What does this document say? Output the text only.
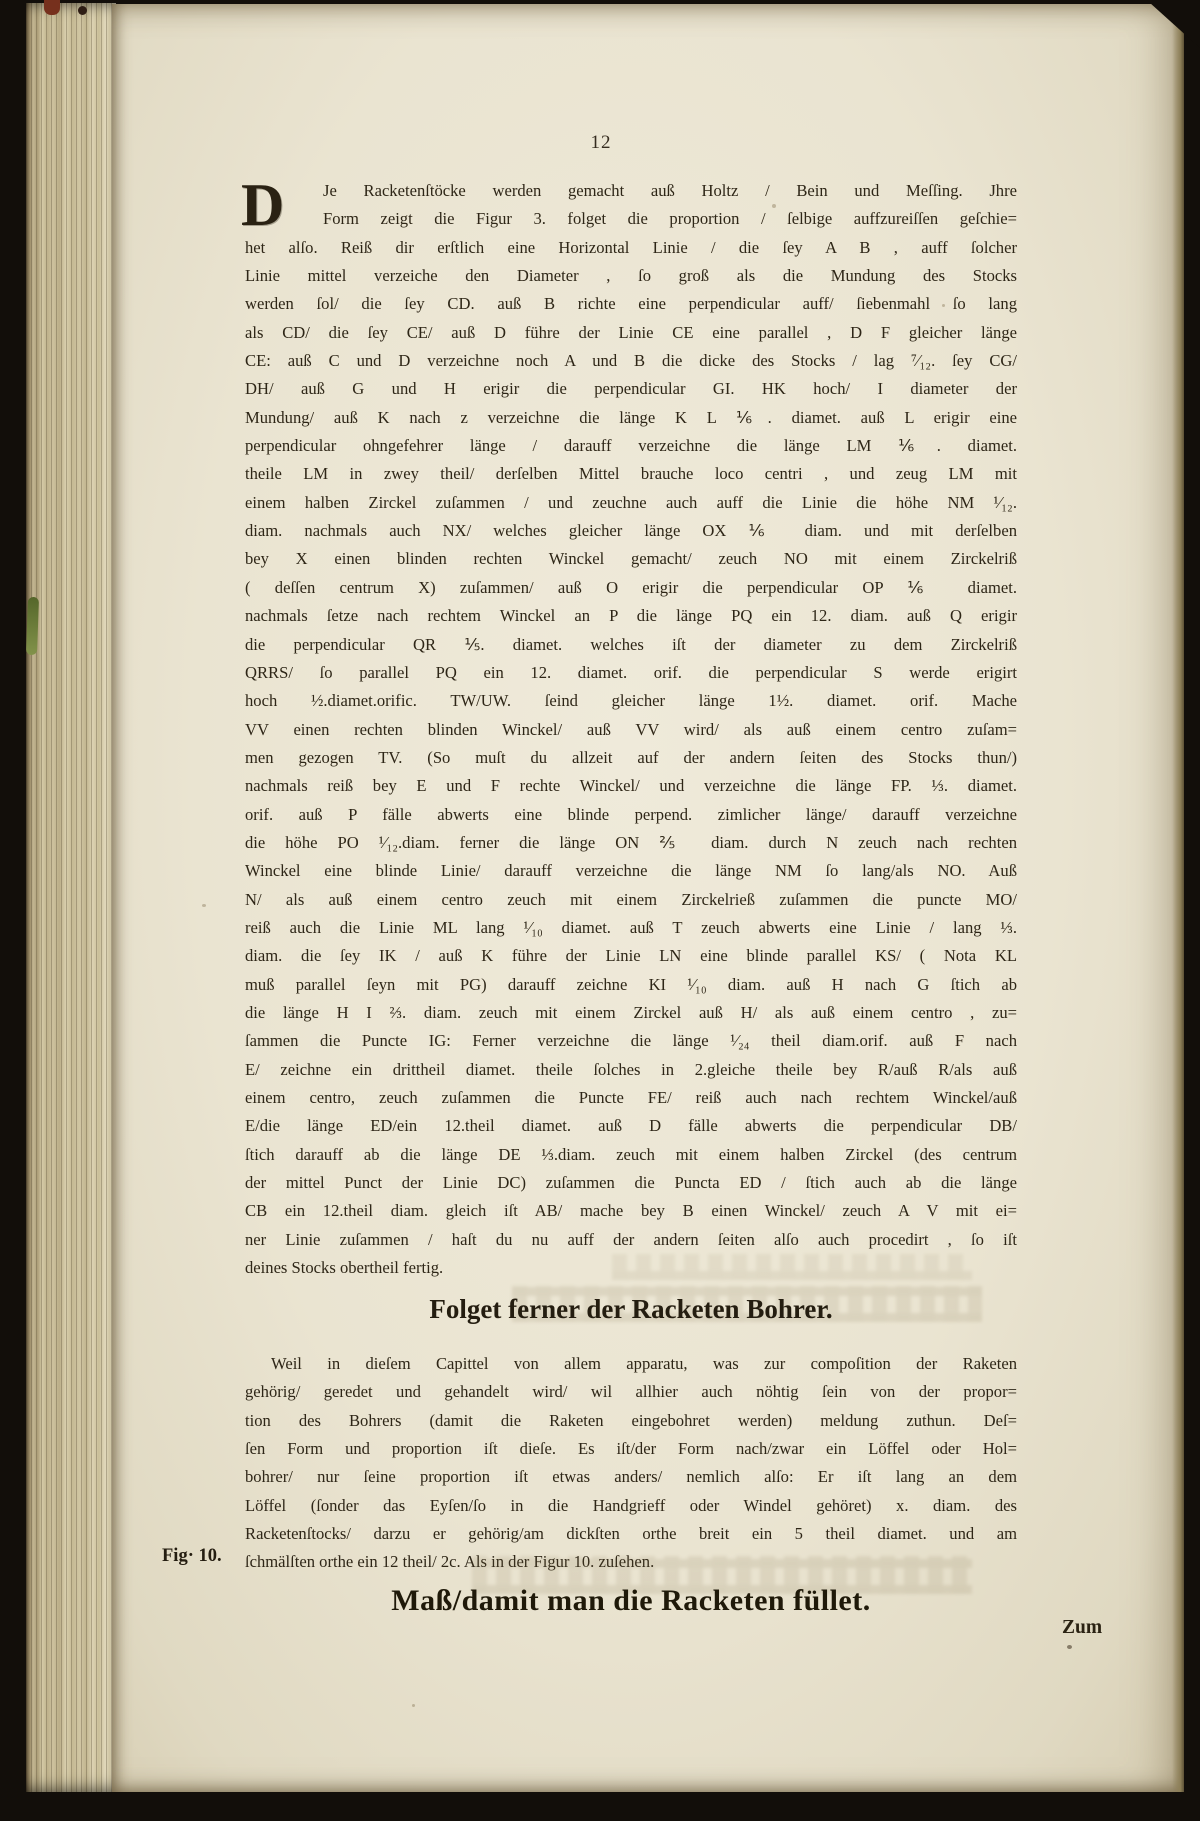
12
D	Je Racketenſtöcke werden gemacht auß Holtz / Bein und Meſſing. Jhre
Form zeigt die Figur 3. folget die proportion / ſelbige auffzureiſſen geſchie=
het alſo. Reiß dir erſtlich eine Horizontal Linie / die ſey A B , auff ſolcher
Linie mittel verzeiche den Diameter , ſo groß als die Mundung des Stocks
werden ſol/ die ſey CD. auß B richte eine perpendicular auff/ ſiebenmahl ſo lang
als CD/ die ſey CE/ auß D führe der Linie CE eine parallel , D F gleicher länge
CE: auß C und D verzeichne noch A und B die dicke des Stocks / lag ⁷⁄₁₂. ſey CG/
DH/ auß G und H erigir die perpendicular GI. HK hoch/ I diameter der
Mundung/ auß K nach z verzeichne die länge K L ⅙. diamet. auß L erigir eine
perpendicular ohngefehrer länge / darauff verzeichne die länge LM ⅙. diamet.
theile LM in zwey theil/ derſelben Mittel brauche loco centri , und zeug LM mit
einem halben Zirckel zuſammen / und zeuchne auch auff die Linie die höhe NM ¹⁄₁₂.
diam. nachmals auch NX/ welches gleicher länge OX ⅙ diam. und mit derſelben
bey X einen blinden rechten Winckel gemacht/ zeuch NO mit einem Zirckelriß
( deſſen centrum X) zuſammen/ auß O erigir die perpendicular OP ⅙ diamet.
nachmals ſetze nach rechtem Winckel an P die länge PQ ein 12. diam. auß Q erigir
die perpendicular QR ⅕. diamet. welches iſt der diameter zu dem Zirckelriß
QRRS/ ſo parallel PQ ein 12. diamet. orif. die perpendicular S werde erigirt
hoch ½.diamet.orific. TW/UW. ſeind gleicher länge 1½. diamet. orif. Mache
VV einen rechten blinden Winckel/ auß VV wird/ als auß einem centro zuſam=
men gezogen TV. (So muſt du allzeit auf der andern ſeiten des Stocks thun/)
nachmals reiß bey E und F rechte Winckel/ und verzeichne die länge FP. ⅓. diamet.
orif. auß P fälle abwerts eine blinde perpend. zimlicher länge/ darauff verzeichne
die höhe PO ¹⁄₁₂.diam. ferner die länge ON ⅖ diam. durch N zeuch nach rechten
Winckel eine blinde Linie/ darauff verzeichne die länge NM ſo lang/als NO. Auß
N/ als auß einem centro zeuch mit einem Zirckelrieß zuſammen die puncte MO/
reiß auch die Linie ML lang ¹⁄₁₀ diamet. auß T zeuch abwerts eine Linie / lang ⅓.
diam. die ſey IK / auß K führe der Linie LN eine blinde parallel KS/ ( Nota KL
muß parallel ſeyn mit PG) darauff zeichne KI ¹⁄₁₀ diam. auß H nach G ſtich ab
die länge H I ⅔. diam. zeuch mit einem Zirckel auß H/ als auß einem centro , zu=
ſammen die Puncte IG: Ferner verzeichne die länge ¹⁄₂₄ theil diam.orif. auß F nach
E/ zeichne ein drittheil diamet. theile ſolches in 2.gleiche theile bey R/auß R/als auß
einem centro, zeuch zuſammen die Puncte FE/ reiß auch nach rechtem Winckel/auß
E/die länge ED/ein 12.theil diamet. auß D fälle abwerts die perpendicular DB/
ſtich darauff ab die länge DE ⅓.diam. zeuch mit einem halben Zirckel (des centrum
der mittel Punct der Linie DC) zuſammen die Puncta ED / ſtich auch ab die länge
CB ein 12.theil diam. gleich iſt AB/ mache bey B einen Winckel/ zeuch A V mit ei=
ner Linie zuſammen / haſt du nu auff der andern ſeiten alſo auch procedirt , ſo iſt
deines Stocks obertheil fertig.
Folget ferner der Racketen Bohrer.
Weil in dieſem Capittel von allem apparatu, was zur compoſition der Raketen
gehörig/ geredet und gehandelt wird/ wil allhier auch nöhtig ſein von der propor=
tion des Bohrers (damit die Raketen eingebohret werden) meldung zuthun. Deſ=
ſen Form und proportion iſt dieſe. Es iſt/der Form nach/zwar ein Löffel oder Hol=
bohrer/ nur ſeine proportion iſt etwas anders/ nemlich alſo: Er iſt lang an dem
Löffel (ſonder das Eyſen/ſo in die Handgrieff oder Windel gehöret) x. diam. des
Racketenſtocks/ darzu er gehörig/am dickſten orthe breit ein 5 theil diamet. und am
ſchmälſten orthe ein 12 theil/ 2c. Als in der Figur 10. zuſehen.
Fig· 10.
Maß/damit man die Racketen füllet.
Zum
